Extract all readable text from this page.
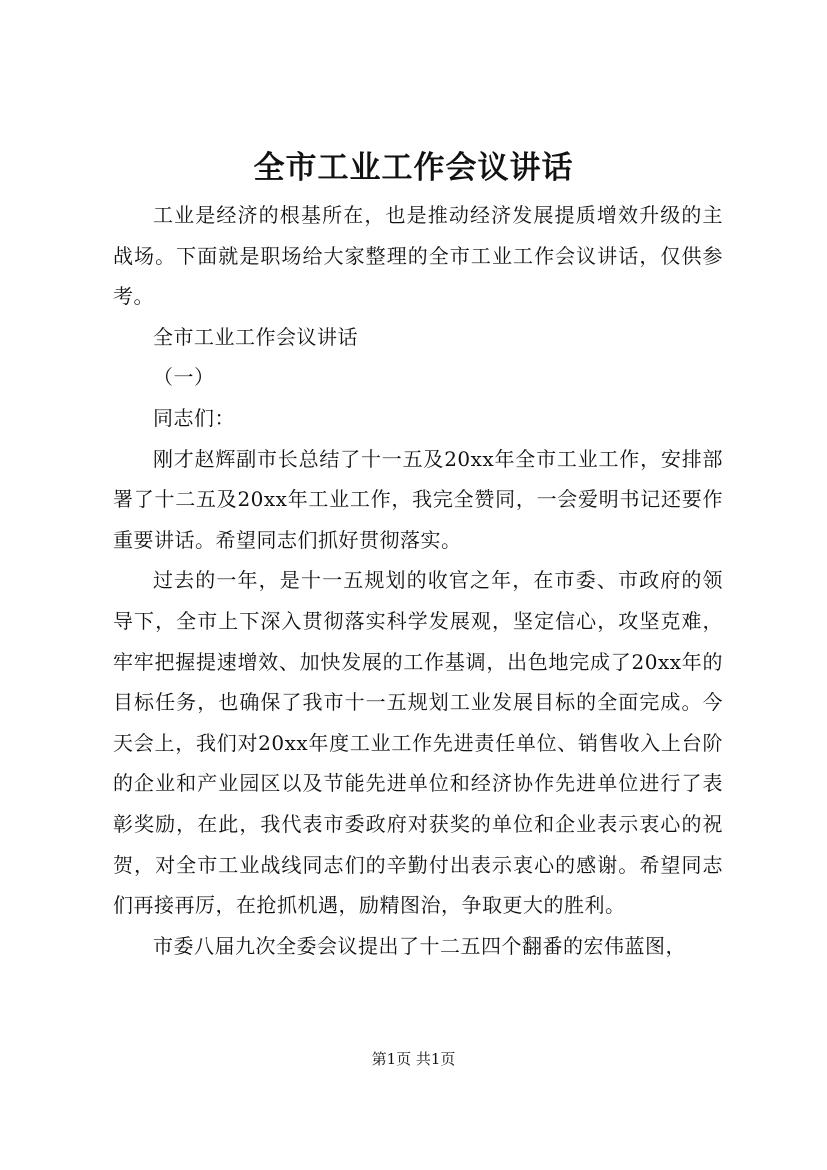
全市工业工作会议讲话

工业是经济的根基所在，也是推动经济发展提质增效升级的主战场。下面就是职场给大家整理的全市工业工作会议讲话，仅供参考。

全市工业工作会议讲话

（一）

同志们：

刚才赵辉副市长总结了十一五及20xx年全市工业工作，安排部署了十二五及20xx年工业工作，我完全赞同，一会爱明书记还要作重要讲话。希望同志们抓好贯彻落实。

过去的一年，是十一五规划的收官之年，在市委、市政府的领导下，全市上下深入贯彻落实科学发展观，坚定信心，攻坚克难，牢牢把握提速增效、加快发展的工作基调，出色地完成了20xx年的目标任务，也确保了我市十一五规划工业发展目标的全面完成。今天会上，我们对20xx年度工业工作先进责任单位、销售收入上台阶的企业和产业园区以及节能先进单位和经济协作先进单位进行了表彰奖励，在此，我代表市委政府对获奖的单位和企业表示衷心的祝贺，对全市工业战线同志们的辛勤付出表示衷心的感谢。希望同志们再接再厉，在抢抓机遇，励精图治，争取更大的胜利。

市委八届九次全委会议提出了十二五四个翻番的宏伟蓝图，

第1页 共1页
